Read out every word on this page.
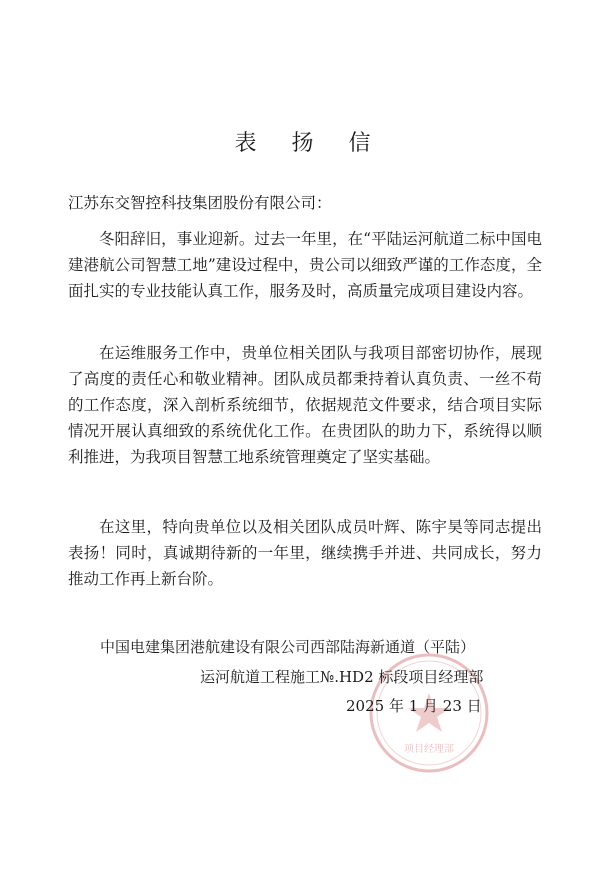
表 扬 信
江苏东交智控科技集团股份有限公司：

冬阳辞旧，事业迎新。过去一年里，在“平陆运河航道二标中国电建港航公司智慧工地”建设过程中，贵公司以细致严谨的工作态度，全面扎实的专业技能认真工作，服务及时，高质量完成项目建设内容。

在运维服务工作中，贵单位相关团队与我项目部密切协作，展现了高度的责任心和敬业精神。团队成员都秉持着认真负责、一丝不苟的工作态度，深入剖析系统细节，依据规范文件要求，结合项目实际情况开展认真细致的系统优化工作。在贵团队的助力下，系统得以顺利推进，为我项目智慧工地系统管理奠定了坚实基础。

在这里，特向贵单位以及相关团队成员叶辉、陈宇昊等同志提出表扬！同时，真诚期待新的一年里，继续携手并进、共同成长，努力推动工作再上新台阶。

项目经理部
中国电建集团港航建设有限公司西部陆海新通道（平陆）
运河航道工程施工№.HD2 标段项目经理部
2025 年 1 月 23 日
